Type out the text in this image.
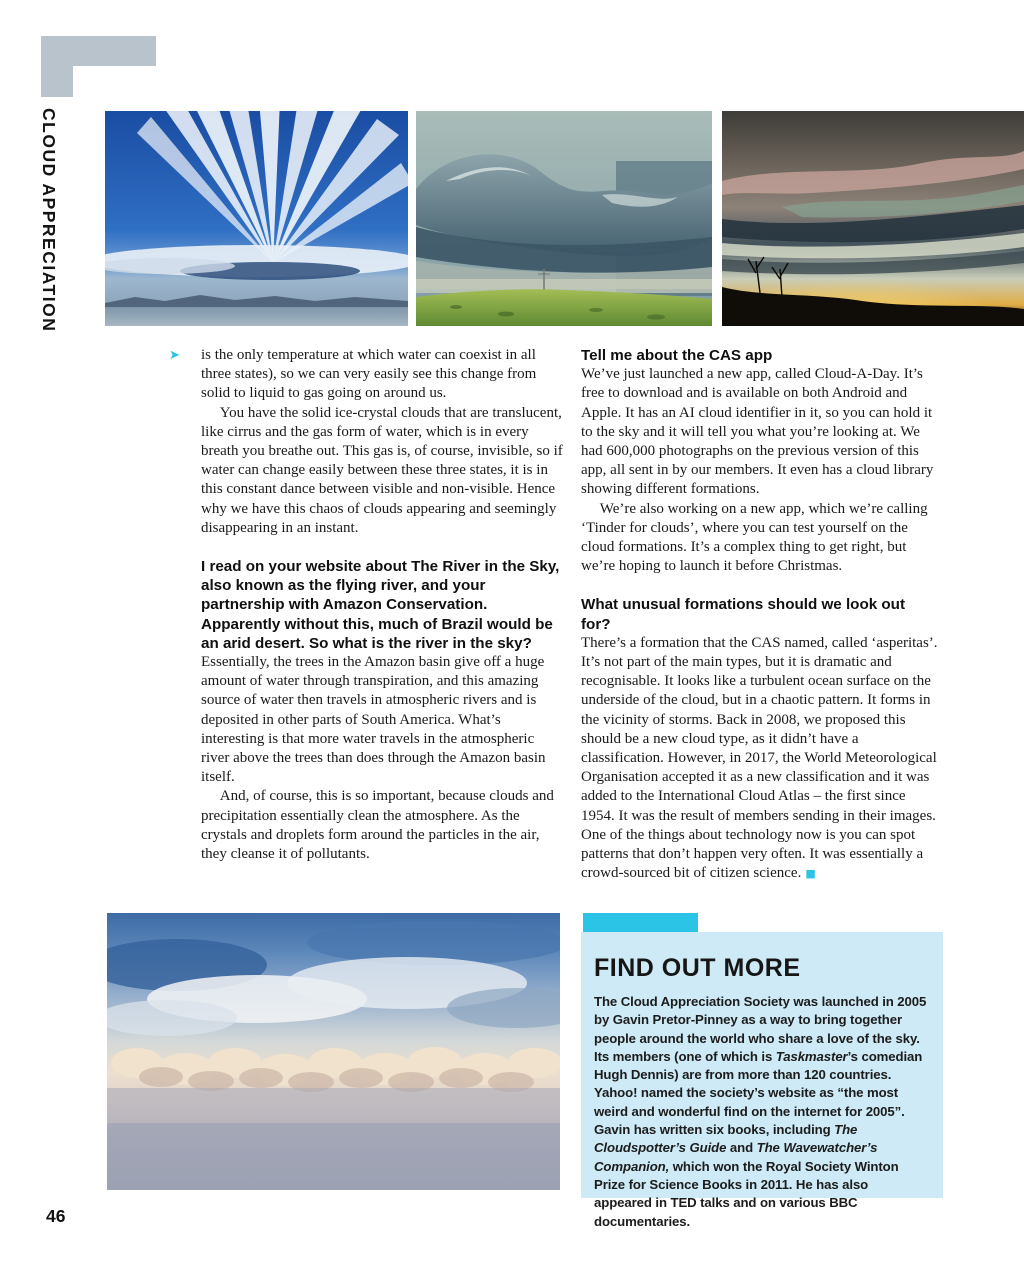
CLOUD APPRECIATION

➤ is the only temperature at which water can coexist in all three states), so we can very easily see this change from solid to liquid to gas going on around us.

You have the solid ice-crystal clouds that are translucent, like cirrus and the gas form of water, which is in every breath you breathe out. This gas is, of course, invisible, so if water can change easily between these three states, it is in this constant dance between visible and non-visible. Hence why we have this chaos of clouds appearing and seemingly disappearing in an instant.

I read on your website about The River in the Sky, also known as the flying river, and your partnership with Amazon Conservation. Apparently without this, much of Brazil would be an arid desert. So what is the river in the sky?

Essentially, the trees in the Amazon basin give off a huge amount of water through transpiration, and this amazing source of water then travels in atmospheric rivers and is deposited in other parts of South America. What’s interesting is that more water travels in the atmospheric river above the trees than does through the Amazon basin itself.

And, of course, this is so important, because clouds and precipitation essentially clean the atmosphere. As the crystals and droplets form around the particles in the air, they cleanse it of pollutants.

Tell me about the CAS app

We’ve just launched a new app, called Cloud-A-Day. It’s free to download and is available on both Android and Apple. It has an AI cloud identifier in it, so you can hold it to the sky and it will tell you what you’re looking at. We had 600,000 photographs on the previous version of this app, all sent in by our members. It even has a cloud library showing different formations.

We’re also working on a new app, which we’re calling ‘Tinder for clouds’, where you can test yourself on the cloud formations. It’s a complex thing to get right, but we’re hoping to launch it before Christmas.

What unusual formations should we look out for?

There’s a formation that the CAS named, called ‘asperitas’. It’s not part of the main types, but it is dramatic and recognisable. It looks like a turbulent ocean surface on the underside of the cloud, but in a chaotic pattern. It forms in the vicinity of storms. Back in 2008, we proposed this should be a new cloud type, as it didn’t have a classification. However, in 2017, the World Meteorological Organisation accepted it as a new classification and it was added to the International Cloud Atlas – the first since 1954. It was the result of members sending in their images. One of the things about technology now is you can spot patterns that don’t happen very often. It was essentially a crowd-sourced bit of citizen science. ■

FIND OUT MORE

The Cloud Appreciation Society was launched in 2005 by Gavin Pretor-Pinney as a way to bring together people around the world who share a love of the sky. Its members (one of which is Taskmaster’s comedian Hugh Dennis) are from more than 120 countries. Yahoo! named the society’s website as “the most weird and wonderful find on the internet for 2005”. Gavin has written six books, including The Cloudspotter’s Guide and The Wavewatcher’s Companion, which won the Royal Society Winton Prize for Science Books in 2011. He has also appeared in TED talks and on various BBC documentaries.

46
